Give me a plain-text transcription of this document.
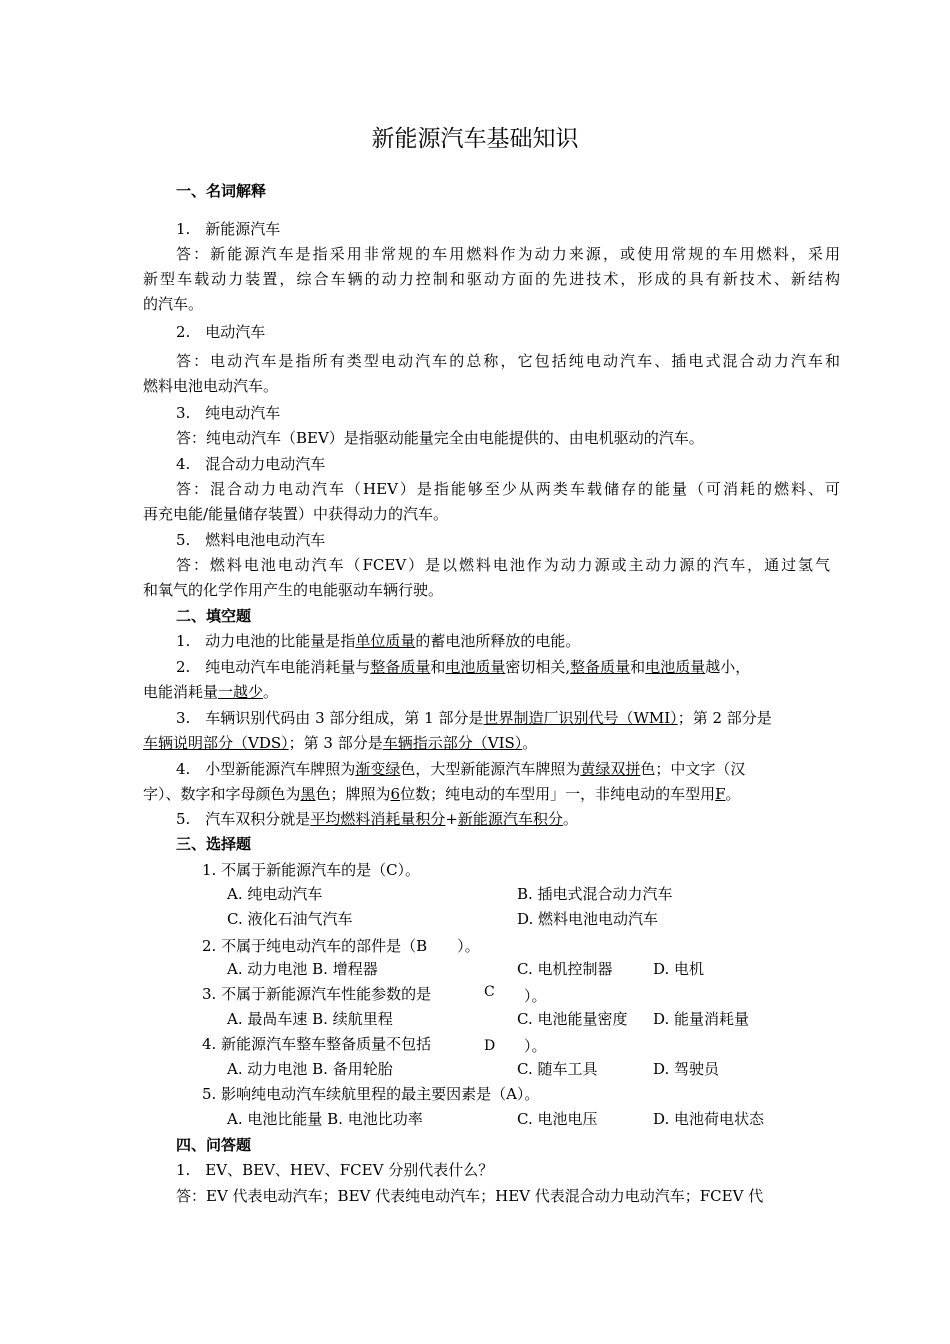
新能源汽车基础知识
一、名词解释
1.　新能源汽车
答：新能源汽车是指采用非常规的车用燃料作为动力来源，或使用常规的车用燃料，采用
新型车载动力装置，综合车辆的动力控制和驱动方面的先进技术，形成的具有新技术、新结构
的汽车。
2.　电动汽车
答：电动汽车是指所有类型电动汽车的总称，它包括纯电动汽车、插电式混合动力汽车和
燃料电池电动汽车。
3.　纯电动汽车
答：纯电动汽车（BEV）是指驱动能量完全由电能提供的、由电机驱动的汽车。
4.　混合动力电动汽车
答：混合动力电动汽车（HEV）是指能够至少从两类车载储存的能量（可消耗的燃料、可
再充电能/能量储存装置）中获得动力的汽车。
5.　燃料电池电动汽车
答：燃料电池电动汽车（FCEV）是以燃料电池作为动力源或主动力源的汽车，通过氢气
和氧气的化学作用产生的电能驱动车辆行驶。
二、填空题
1.　动力电池的比能量是指单位质量的蓄电池所释放的电能。
2.　纯电动汽车电能消耗量与整备质量和电池质量密切相关,整备质量和电池质量越小，
电能消耗量一越少。
3.　车辆识别代码由 3 部分组成，第 1 部分是世界制造厂识别代号（WMI）；第 2 部分是
车辆说明部分（VDS）；第 3 部分是车辆指示部分（VIS）。
4.　小型新能源汽车牌照为渐变绿色，大型新能源汽车牌照为黄绿双拼色；中文字（汉
字）、数字和字母颜色为黑色；牌照为6位数；纯电动的车型用」一，非纯电动的车型用F。
5.　汽车双积分就是平均燃料消耗量积分+新能源汽车积分。
三、选择题
1. 不属于新能源汽车的是（C）。
A. 纯电动汽车	B. 插电式混合动力汽车
C. 液化石油气汽车	D. 燃料电池电动汽车
2. 不属于纯电动汽车的部件是（B　　）。
A. 动力电池 B. 增程器	C. 电机控制器	D. 电机
3. 不属于新能源汽车性能参数的是	C ）。
A. 最咼车速 B. 续航里程	C. 电池能量密度 D. 能量消耗量
4. 新能源汽车整车整备质量不包括	D ）。
A. 动力电池 B. 备用轮胎	C. 随车工具	D. 驾驶员
5. 影响纯电动汽车续航里程的最主要因素是（A）。
A. 电池比能量 B. 电池比功率	C. 电池电压	D. 电池荷电状态
四、问答题
1.　EV、BEV、HEV、FCEV 分别代表什么？
答：EV 代表电动汽车；BEV 代表纯电动汽车；HEV 代表混合动力电动汽车；FCEV 代
